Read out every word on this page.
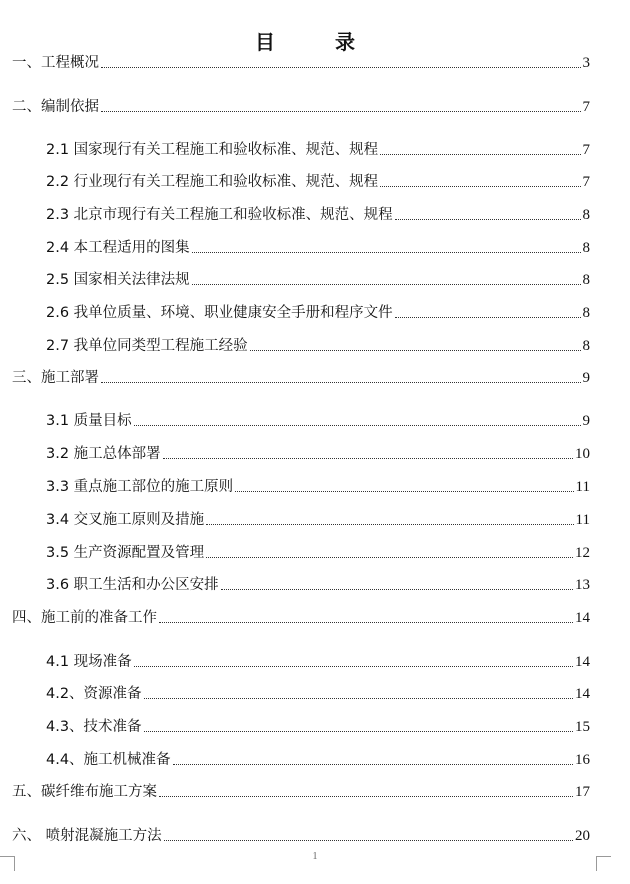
目录
一、工程概况	3
二、编制依据	7
2.1 国家现行有关工程施工和验收标准、规范、规程	7
2.2 行业现行有关工程施工和验收标准、规范、规程	7
2.3 北京市现行有关工程施工和验收标准、规范、规程	8
2.4 本工程适用的图集	8
2.5 国家相关法律法规	8
2.6 我单位质量、环境、职业健康安全手册和程序文件	8
2.7 我单位同类型工程施工经验	8
三、施工部署	9
3.1 质量目标	9
3.2 施工总体部署	10
3.3 重点施工部位的施工原则	11
3.4 交叉施工原则及措施	11
3.5 生产资源配置及管理	12
3.6 职工生活和办公区安排	13
四、施工前的准备工作	14
4.1 现场准备	14
4.2、资源准备	14
4.3、技术准备	15
4.4、施工机械准备	16
五、碳纤维布施工方案	17
六、 喷射混凝施工方法	20
1
